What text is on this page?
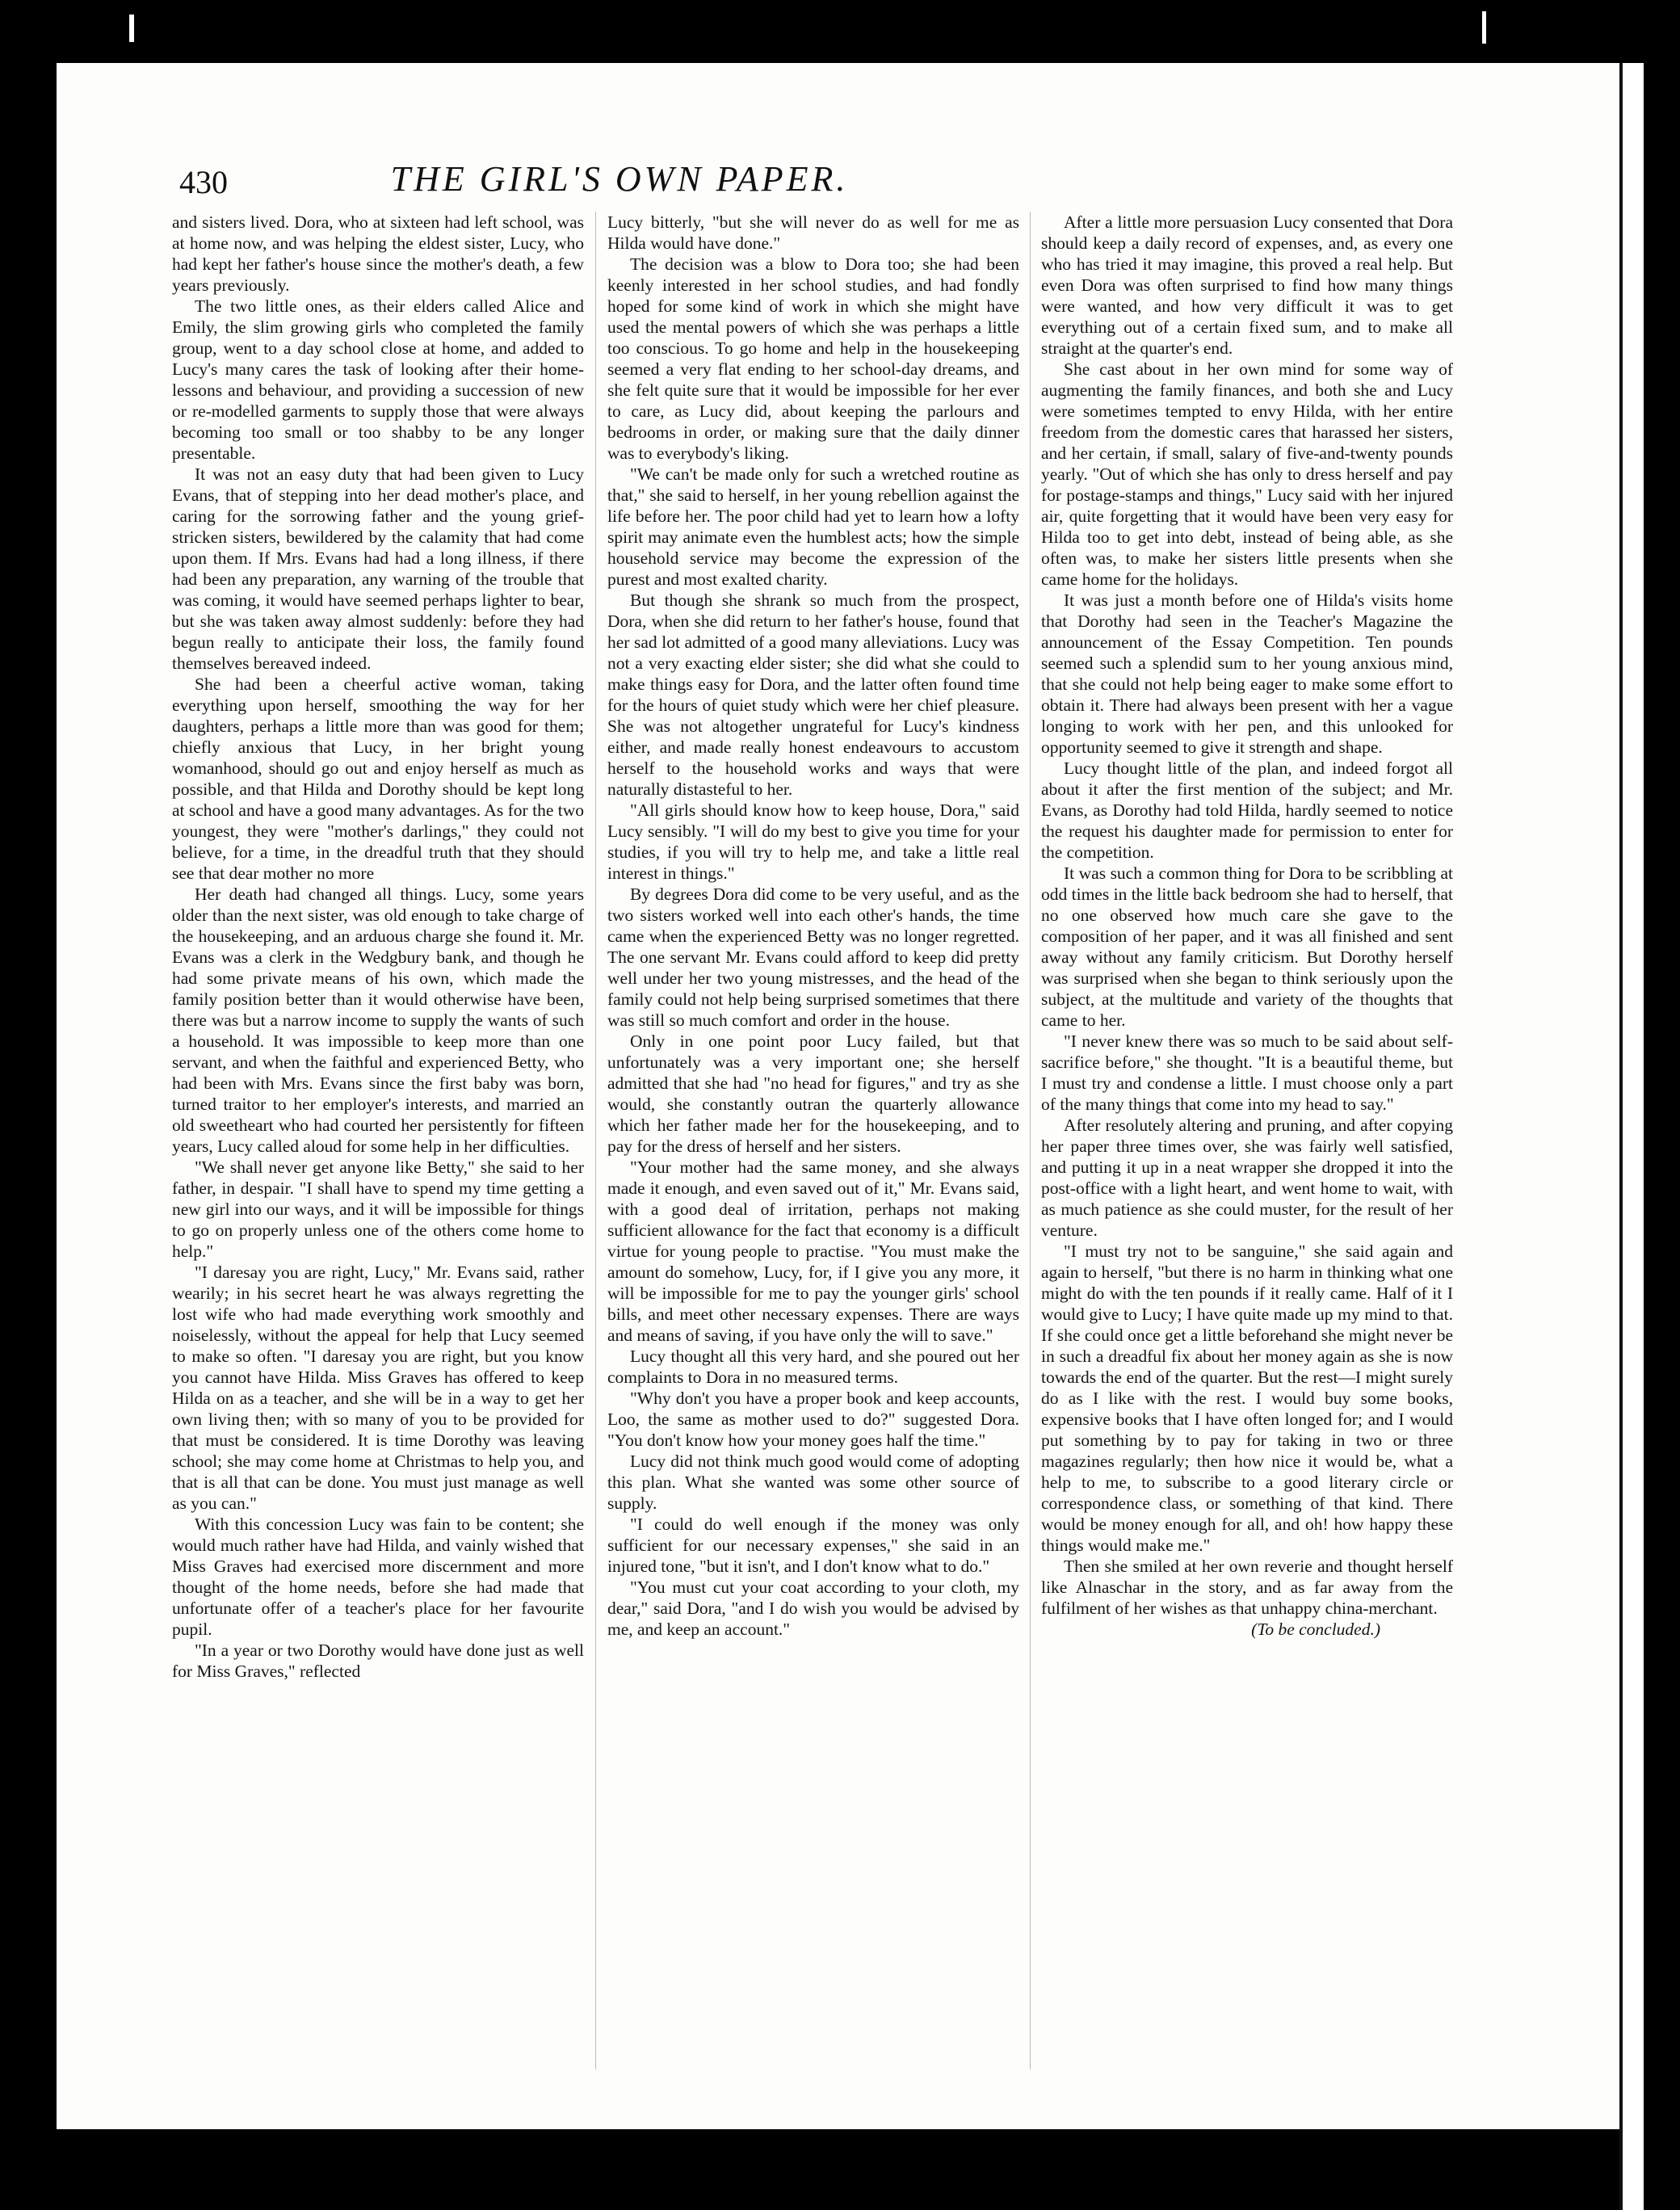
430	THE GIRL'S OWN PAPER.

and sisters lived. Dora, who at sixteen had left school, was at home now, and was helping the eldest sister, Lucy, who had kept her father's house since the mother's death, a few years previously.

The two little ones, as their elders called Alice and Emily, the slim growing girls who completed the family group, went to a day school close at home, and added to Lucy's many cares the task of looking after their home-lessons and behaviour, and providing a succession of new or re-modelled garments to supply those that were always becoming too small or too shabby to be any longer presentable.

It was not an easy duty that had been given to Lucy Evans, that of stepping into her dead mother's place, and caring for the sorrowing father and the young grief-stricken sisters, bewildered by the calamity that had come upon them. If Mrs. Evans had had a long illness, if there had been any preparation, any warning of the trouble that was coming, it would have seemed perhaps lighter to bear, but she was taken away almost suddenly: before they had begun really to anticipate their loss, the family found themselves bereaved indeed.

She had been a cheerful active woman, taking everything upon herself, smoothing the way for her daughters, perhaps a little more than was good for them; chiefly anxious that Lucy, in her bright young womanhood, should go out and enjoy herself as much as possible, and that Hilda and Dorothy should be kept long at school and have a good many advantages. As for the two youngest, they were "mother's darlings," they could not believe, for a time, in the dreadful truth that they should see that dear mother no more

Her death had changed all things. Lucy, some years older than the next sister, was old enough to take charge of the housekeeping, and an arduous charge she found it. Mr. Evans was a clerk in the Wedgbury bank, and though he had some private means of his own, which made the family position better than it would otherwise have been, there was but a narrow income to supply the wants of such a household. It was impossible to keep more than one servant, and when the faithful and experienced Betty, who had been with Mrs. Evans since the first baby was born, turned traitor to her employer's interests, and married an old sweetheart who had courted her persistently for fifteen years, Lucy called aloud for some help in her difficulties.

"We shall never get anyone like Betty," she said to her father, in despair. "I shall have to spend my time getting a new girl into our ways, and it will be impossible for things to go on properly unless one of the others come home to help."

"I daresay you are right, Lucy," Mr. Evans said, rather wearily; in his secret heart he was always regretting the lost wife who had made everything work smoothly and noiselessly, without the appeal for help that Lucy seemed to make so often. "I daresay you are right, but you know you cannot have Hilda. Miss Graves has offered to keep Hilda on as a teacher, and she will be in a way to get her own living then; with so many of you to be provided for that must be considered. It is time Dorothy was leaving school; she may come home at Christmas to help you, and that is all that can be done. You must just manage as well as you can."

With this concession Lucy was fain to be content; she would much rather have had Hilda, and vainly wished that Miss Graves had exercised more discernment and more thought of the home needs, before she had made that unfortunate offer of a teacher's place for her favourite pupil.

"In a year or two Dorothy would have done just as well for Miss Graves," reflected

Lucy bitterly, "but she will never do as well for me as Hilda would have done."

The decision was a blow to Dora too; she had been keenly interested in her school studies, and had fondly hoped for some kind of work in which she might have used the mental powers of which she was perhaps a little too conscious. To go home and help in the housekeeping seemed a very flat ending to her school-day dreams, and she felt quite sure that it would be impossible for her ever to care, as Lucy did, about keeping the parlours and bedrooms in order, or making sure that the daily dinner was to everybody's liking.

"We can't be made only for such a wretched routine as that," she said to herself, in her young rebellion against the life before her. The poor child had yet to learn how a lofty spirit may animate even the humblest acts; how the simple household service may become the expression of the purest and most exalted charity.

But though she shrank so much from the prospect, Dora, when she did return to her father's house, found that her sad lot admitted of a good many alleviations. Lucy was not a very exacting elder sister; she did what she could to make things easy for Dora, and the latter often found time for the hours of quiet study which were her chief pleasure. She was not altogether ungrateful for Lucy's kindness either, and made really honest endeavours to accustom herself to the household works and ways that were naturally distasteful to her.

"All girls should know how to keep house, Dora," said Lucy sensibly. "I will do my best to give you time for your studies, if you will try to help me, and take a little real interest in things."

By degrees Dora did come to be very useful, and as the two sisters worked well into each other's hands, the time came when the experienced Betty was no longer regretted. The one servant Mr. Evans could afford to keep did pretty well under her two young mistresses, and the head of the family could not help being surprised sometimes that there was still so much comfort and order in the house.

Only in one point poor Lucy failed, but that unfortunately was a very important one; she herself admitted that she had "no head for figures," and try as she would, she constantly outran the quarterly allowance which her father made her for the housekeeping, and to pay for the dress of herself and her sisters.

"Your mother had the same money, and she always made it enough, and even saved out of it," Mr. Evans said, with a good deal of irritation, perhaps not making sufficient allowance for the fact that economy is a difficult virtue for young people to practise. "You must make the amount do somehow, Lucy, for, if I give you any more, it will be impossible for me to pay the younger girls' school bills, and meet other necessary expenses. There are ways and means of saving, if you have only the will to save."

Lucy thought all this very hard, and she poured out her complaints to Dora in no measured terms.

"Why don't you have a proper book and keep accounts, Loo, the same as mother used to do?" suggested Dora. "You don't know how your money goes half the time."

Lucy did not think much good would come of adopting this plan. What she wanted was some other source of supply.

"I could do well enough if the money was only sufficient for our necessary expenses," she said in an injured tone, "but it isn't, and I don't know what to do."

"You must cut your coat according to your cloth, my dear," said Dora, "and I do wish you would be advised by me, and keep an account."

After a little more persuasion Lucy consented that Dora should keep a daily record of expenses, and, as every one who has tried it may imagine, this proved a real help. But even Dora was often surprised to find how many things were wanted, and how very difficult it was to get everything out of a certain fixed sum, and to make all straight at the quarter's end.

She cast about in her own mind for some way of augmenting the family finances, and both she and Lucy were sometimes tempted to envy Hilda, with her entire freedom from the domestic cares that harassed her sisters, and her certain, if small, salary of five-and-twenty pounds yearly. "Out of which she has only to dress herself and pay for postage-stamps and things," Lucy said with her injured air, quite forgetting that it would have been very easy for Hilda too to get into debt, instead of being able, as she often was, to make her sisters little presents when she came home for the holidays.

It was just a month before one of Hilda's visits home that Dorothy had seen in the Teacher's Magazine the announcement of the Essay Competition. Ten pounds seemed such a splendid sum to her young anxious mind, that she could not help being eager to make some effort to obtain it. There had always been present with her a vague longing to work with her pen, and this unlooked for opportunity seemed to give it strength and shape.

Lucy thought little of the plan, and indeed forgot all about it after the first mention of the subject; and Mr. Evans, as Dorothy had told Hilda, hardly seemed to notice the request his daughter made for permission to enter for the competition.

It was such a common thing for Dora to be scribbling at odd times in the little back bedroom she had to herself, that no one observed how much care she gave to the composition of her paper, and it was all finished and sent away without any family criticism. But Dorothy herself was surprised when she began to think seriously upon the subject, at the multitude and variety of the thoughts that came to her.

"I never knew there was so much to be said about self-sacrifice before," she thought. "It is a beautiful theme, but I must try and condense a little. I must choose only a part of the many things that come into my head to say."

After resolutely altering and pruning, and after copying her paper three times over, she was fairly well satisfied, and putting it up in a neat wrapper she dropped it into the post-office with a light heart, and went home to wait, with as much patience as she could muster, for the result of her venture.

"I must try not to be sanguine," she said again and again to herself, "but there is no harm in thinking what one might do with the ten pounds if it really came. Half of it I would give to Lucy; I have quite made up my mind to that. If she could once get a little beforehand she might never be in such a dreadful fix about her money again as she is now towards the end of the quarter. But the rest—I might surely do as I like with the rest. I would buy some books, expensive books that I have often longed for; and I would put something by to pay for taking in two or three magazines regularly; then how nice it would be, what a help to me, to subscribe to a good literary circle or correspondence class, or something of that kind. There would be money enough for all, and oh! how happy these things would make me."

Then she smiled at her own reverie and thought herself like Alnaschar in the story, and as far away from the fulfilment of her wishes as that unhappy china-merchant.

(To be concluded.)
